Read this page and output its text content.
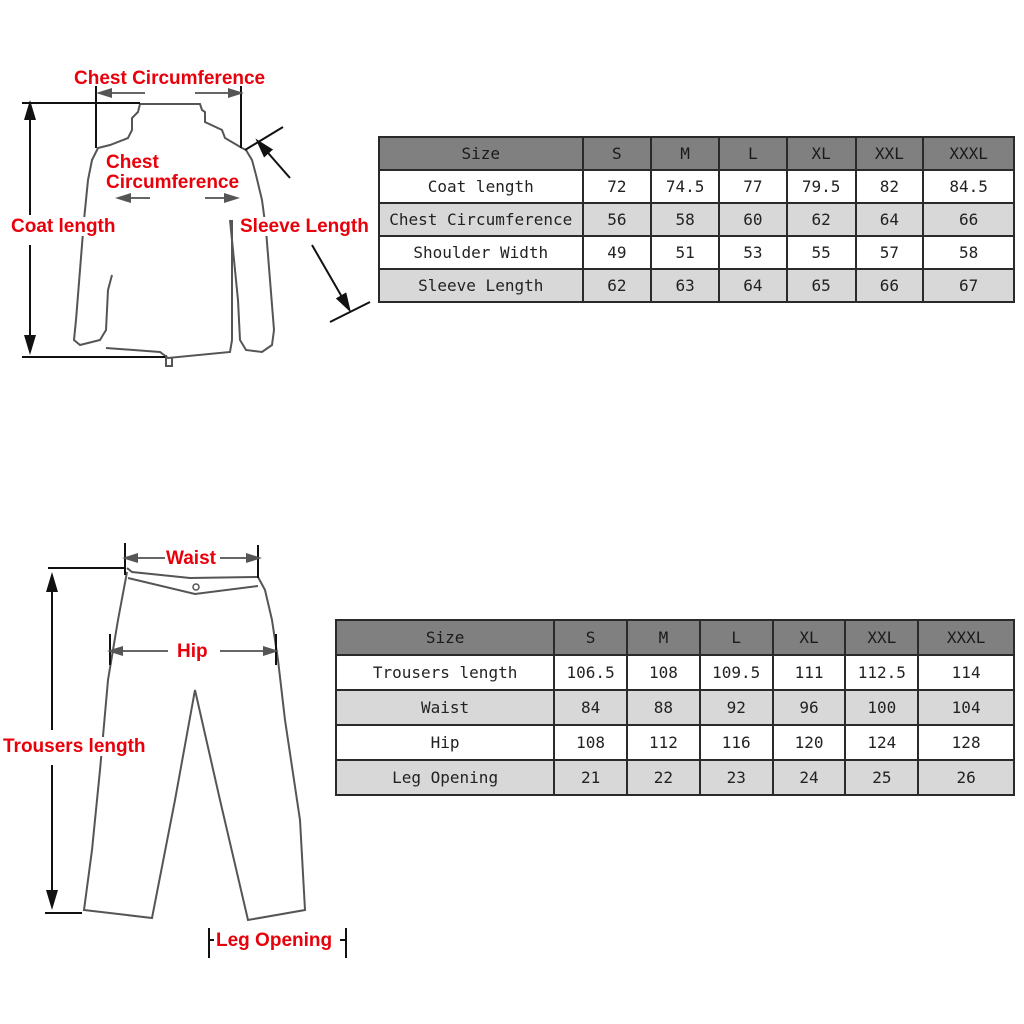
Chest Circumference
Chest
Circumference
Coat length	Sleeve Length
Waist
Hip
Trousers length
Leg Opening
Size	S	M	L	XL	XXL	XXXL
Coat length	72	74.5	77	79.5	82	84.5
Chest Circumference	56	58	60	62	64	66
Shoulder Width	49	51	53	55	57	58
Sleeve Length	62	63	64	65	66	67
Size	S	M	L	XL	XXL	XXXL
Trousers length	106.5	108	109.5	111	112.5	114
Waist	84	88	92	96	100	104
Hip	108	112	116	120	124	128
Leg Opening	21	22	23	24	25	26
